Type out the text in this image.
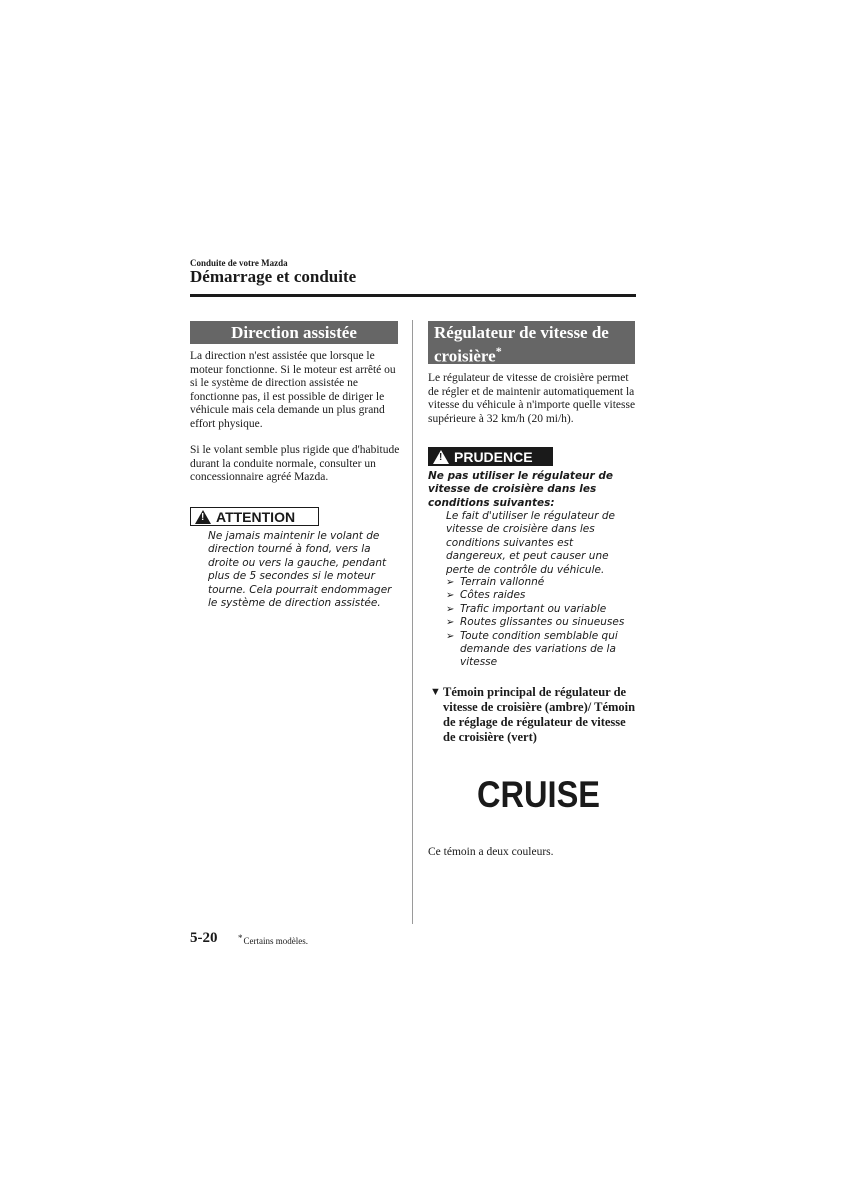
Conduite de votre Mazda
Démarrage et conduite
Direction assistée
La direction n'est assistée que lorsque le moteur fonctionne. Si le moteur est arrêté ou si le système de direction assistée ne fonctionne pas, il est possible de diriger le véhicule mais cela demande un plus grand effort physique.
Si le volant semble plus rigide que d'habitude durant la conduite normale, consulter un concessionnaire agréé Mazda.
!
ATTENTION
Ne jamais maintenir le volant de direction tourné à fond, vers la droite ou vers la gauche, pendant plus de 5 secondes si le moteur tourne. Cela pourrait endommager le système de direction assistée.
Régulateur de vitesse de croisière*
Le régulateur de vitesse de croisière permet de régler et de maintenir automatiquement la vitesse du véhicule à n'importe quelle vitesse supérieure à 32 km/h (20 mi/h).
!
PRUDENCE
Ne pas utiliser le régulateur de vitesse de croisière dans les conditions suivantes:
Le fait d'utiliser le régulateur de vitesse de croisière dans les conditions suivantes est dangereux, et peut causer une perte de contrôle du véhicule.
➢ Terrain vallonné
➢ Côtes raides
➢ Trafic important ou variable
➢ Routes glissantes ou sinueuses
➢ Toute condition semblable qui demande des variations de la vitesse
▼ Témoin principal de régulateur de vitesse de croisière (ambre)/ Témoin de réglage de régulateur de vitesse de croisière (vert)
CRUISE
Ce témoin a deux couleurs.
5-20 *Certains modèles.
